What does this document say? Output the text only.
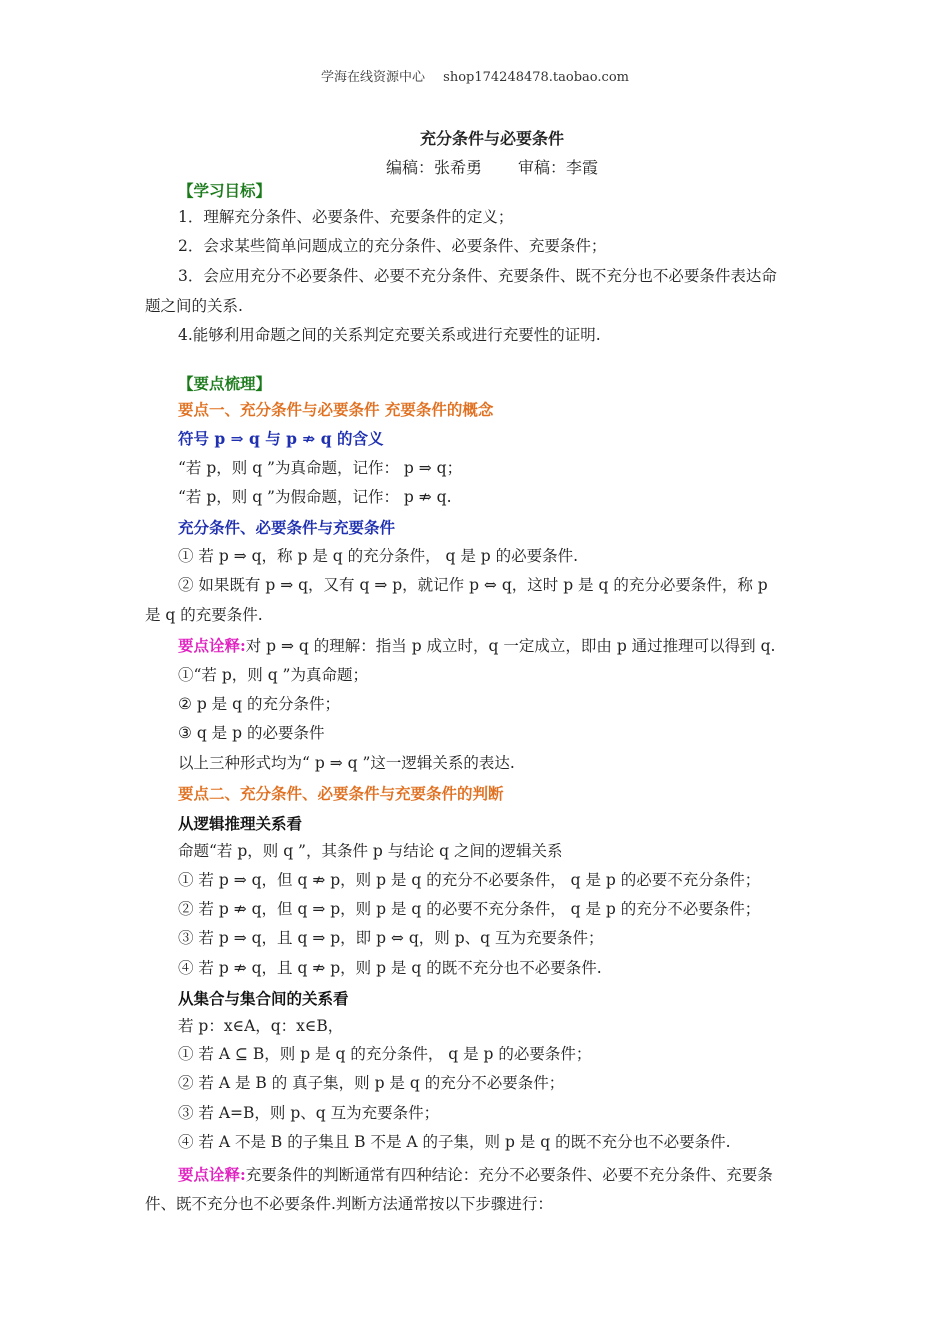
学海在线资源中心 shop174248478.taobao.com
充分条件与必要条件
编稿：张希勇 审稿：李霞
【学习目标】
1．理解充分条件、必要条件、充要条件的定义；
2．会求某些简单问题成立的充分条件、必要条件、充要条件；
3．会应用充分不必要条件、必要不充分条件、充要条件、既不充分也不必要条件表达命
题之间的关系.
4.能够利用命题之间的关系判定充要关系或进行充要性的证明.
【要点梳理】
要点一、充分条件与必要条件 充要条件的概念
符号 p ⇒ q 与 p ⇏ q 的含义
“若 p，则 q ”为真命题，记作： p ⇒ q；
“若 p，则 q ”为假命题，记作： p ⇏ q.
充分条件、必要条件与充要条件
① 若 p ⇒ q，称 p 是 q 的充分条件， q 是 p 的必要条件.
② 如果既有 p ⇒ q，又有 q ⇒ p，就记作 p ⇔ q，这时 p 是 q 的充分必要条件，称 p
是 q 的充要条件.
要点诠释:对 p ⇒ q 的理解：指当 p 成立时，q 一定成立，即由 p 通过推理可以得到 q.
①“若 p，则 q ”为真命题；
② p 是 q 的充分条件；
③ q 是 p 的必要条件
以上三种形式均为“ p ⇒ q ”这一逻辑关系的表达.
要点二、充分条件、必要条件与充要条件的判断
从逻辑推理关系看
命题“若 p，则 q ”，其条件 p 与结论 q 之间的逻辑关系
① 若 p ⇒ q，但 q ⇏ p，则 p 是 q 的充分不必要条件， q 是 p 的必要不充分条件；
② 若 p ⇏ q，但 q ⇒ p，则 p 是 q 的必要不充分条件， q 是 p 的充分不必要条件；
③ 若 p ⇒ q，且 q ⇒ p，即 p ⇔ q，则 p、q 互为充要条件；
④ 若 p ⇏ q，且 q ⇏ p，则 p 是 q 的既不充分也不必要条件.
从集合与集合间的关系看
若 p：x∈A，q：x∈B，
① 若 A ⊆ B，则 p 是 q 的充分条件， q 是 p 的必要条件；
② 若 A 是 B 的 真子集，则 p 是 q 的充分不必要条件；
③ 若 A=B，则 p、q 互为充要条件；
④ 若 A 不是 B 的子集且 B 不是 A 的子集，则 p 是 q 的既不充分也不必要条件.
要点诠释:充要条件的判断通常有四种结论：充分不必要条件、必要不充分条件、充要条
件、既不充分也不必要条件.判断方法通常按以下步骤进行：
